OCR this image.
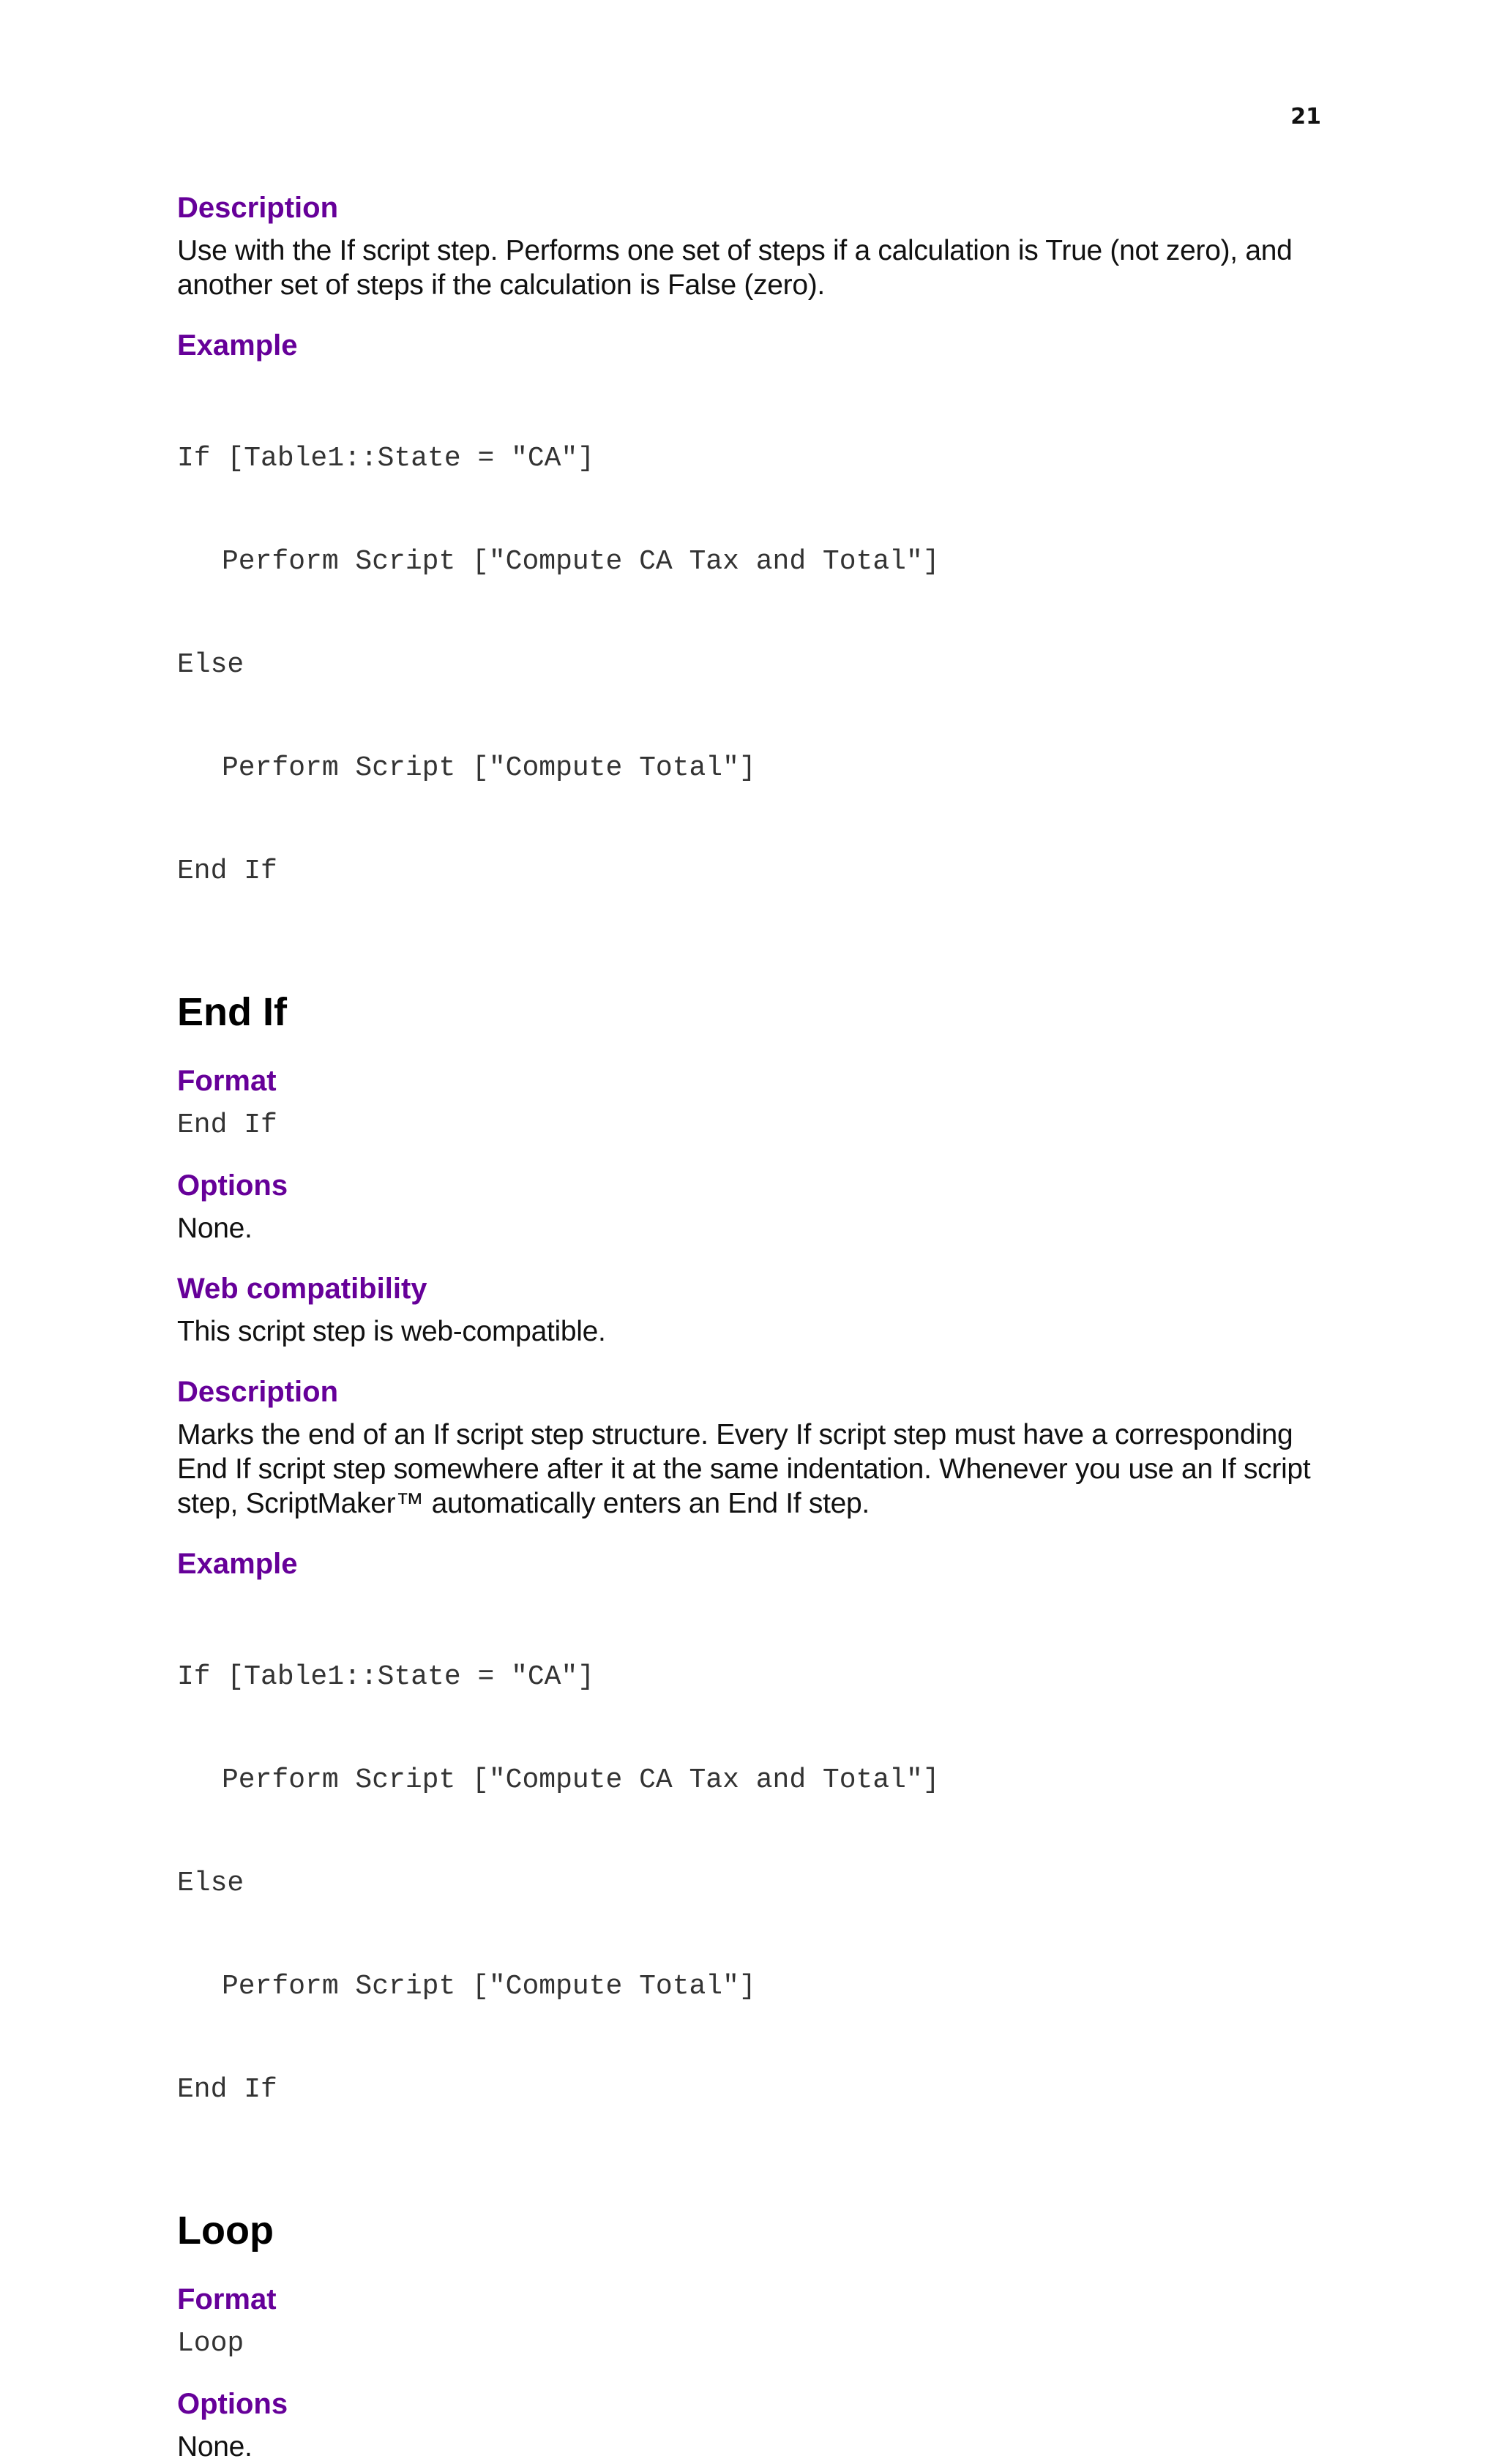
21
Description

Use with the If script step. Performs one set of steps if a calculation is True (not zero), and another set of steps if the calculation is False (zero).

Example

If [Table1::State = "CA"]

Perform Script ["Compute CA Tax and Total"]

Else

Perform Script ["Compute Total"]

End If

End If
Format
End If
Options

None.

Web compatibility

This script step is web-compatible.

Description

Marks the end of an If script step structure. Every If script step must have a corresponding End If script step somewhere after it at the same indentation. Whenever you use an If script step, ScriptMaker™ automatically enters an End If step.

Example

If [Table1::State = "CA"]

Perform Script ["Compute CA Tax and Total"]

Else

Perform Script ["Compute Total"]

End If

Loop
Format
Loop
Options

None.
